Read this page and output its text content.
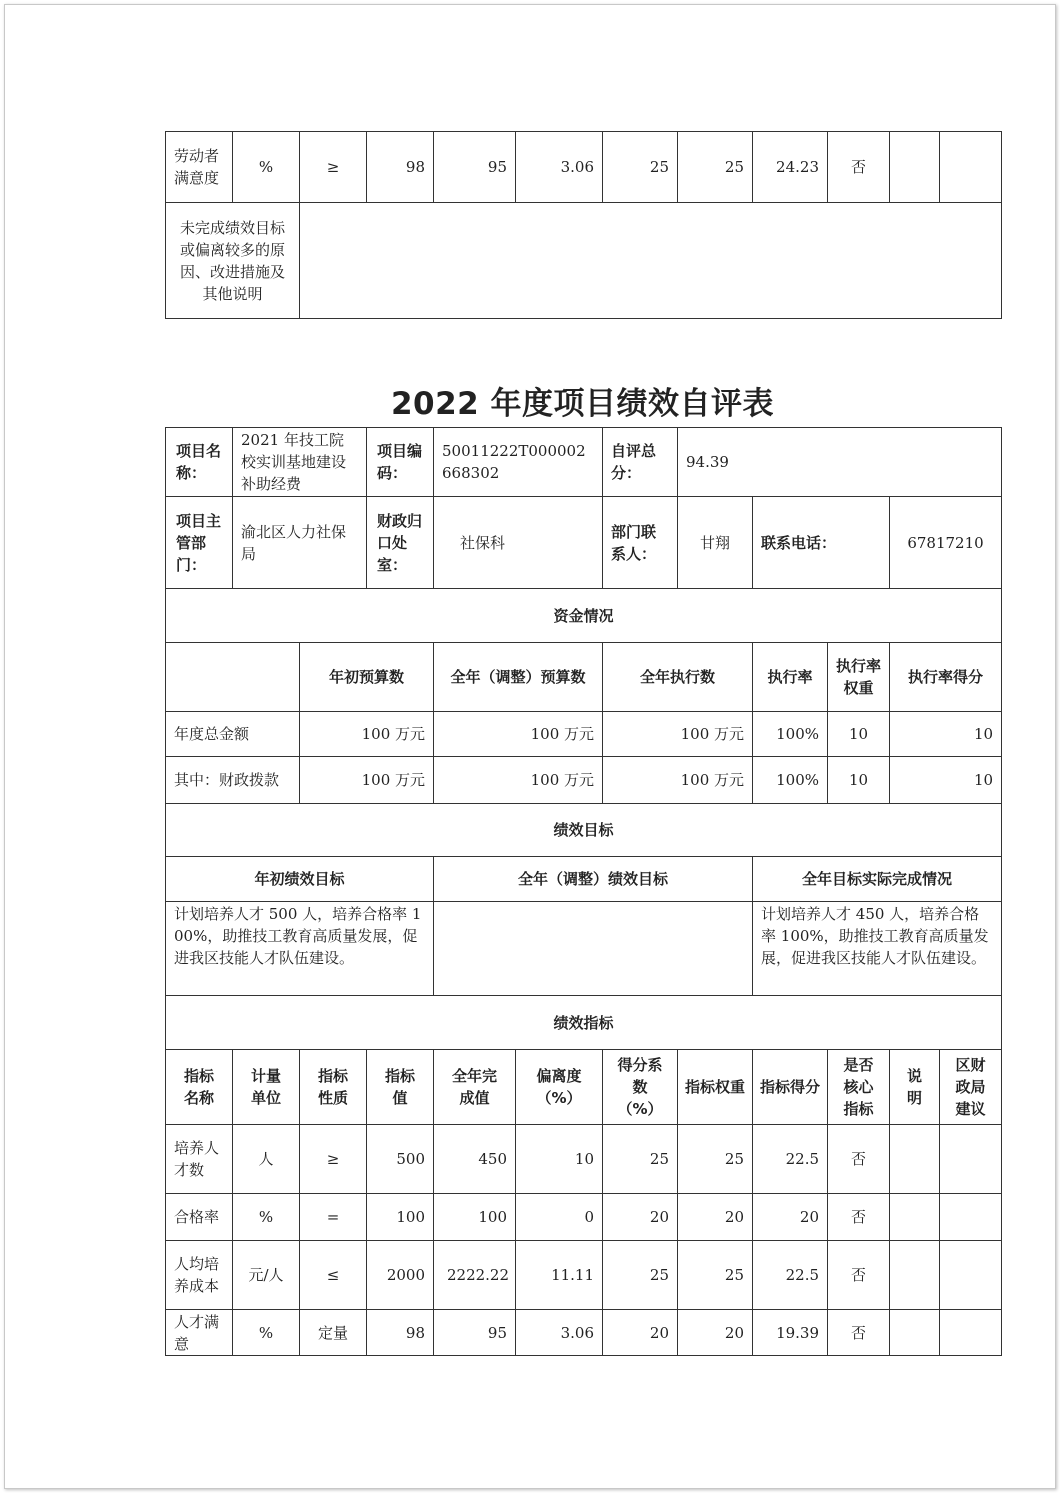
劳动者满意度	%	≥	98	95	3.06	25	25	24.23	否		
未完成绩效目标或偏离较多的原因、改进措施及其他说明											
2022 年度项目绩效自评表
项目名称：	2021 年技工院校实训基地建设补助经费		项目编码：	50011222T000002668302		自评总分：	94.39				
项目主管部门：	渝北区人力社保局		财政归口处室：	社保科		部门联系人：	甘翔	联系电话：		67817210	
资金情况											
		年初预算数		全年（调整）预算数		全年执行数		执行率	执行率权重	执行率得分	
年度总金额		100 万元		100 万元		100 万元		100%	10	10	
其中：财政拨款		100 万元		100 万元		100 万元		100%	10	10	
绩效目标											
年初绩效目标				全年（调整）绩效目标				全年目标实际完成情况			
计划培养人才 500 人，培养合格率 100%，助推技工教育高质量发展，促进我区技能人才队伍建设。								计划培养人才 450 人，培养合格率 100%，助推技工教育高质量发展，促进我区技能人才队伍建设。			
绩效指标											
指标名称	计量单位	指标性质	指标值	全年完成值	偏离度（%）	得分系数（%）	指标权重	指标得分	是否核心指标	说明	区财政局建议
培养人才数	人	≥	500	450	10	25	25	22.5	否		
合格率	%	=	100	100	0	20	20	20	否		
人均培养成本	元/人	≤	2000	2222.22	11.11	25	25	22.5	否		
人才满意	%	定量	98	95	3.06	20	20	19.39	否		
